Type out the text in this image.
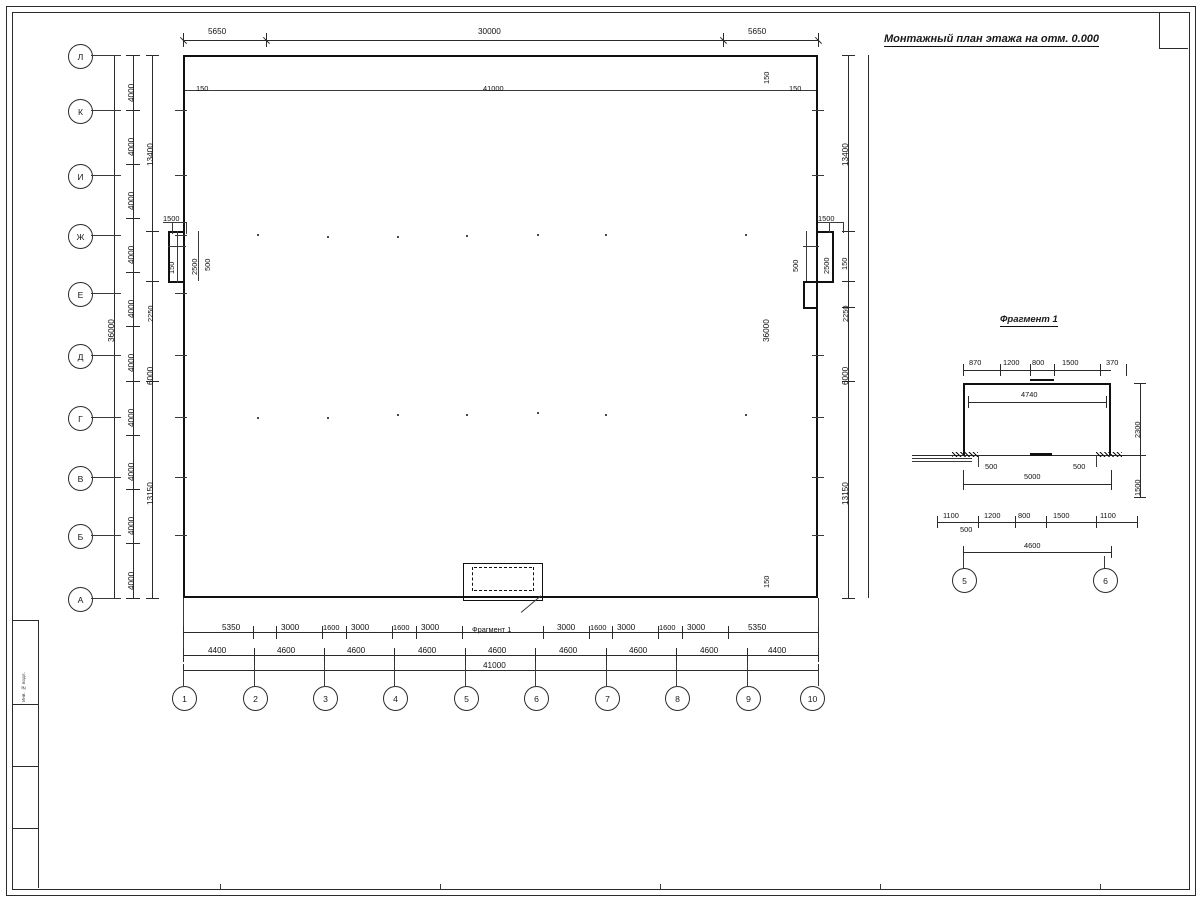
Монтажный план этажа на отм. 0.000
Инв. № подл.
Фрагмент 1
5650	30000	5650
150	41000	150
150
4000
4000
4000
4000
4000
4000
4000
4000
4000
4000
13400
2250
6000
13150
36000
1500
150 2500 500
13400
2250
6000
13150
36000
1500
150
2500
500
150
5350	3000	1600 3000	1600 3000	3000 1600 3000	1600 3000	5350
4400	4600	4600	4600	4600	4600	4600	4600	4400
41000
Л
К
И
Ж
Е
Д
Г
В
Б
А
1	2	3	4	5	6	7	8	9	10
Фрагмент 1
870	1200 800 1500	370
4740
500	500
5000
1100	1200 800	1500	1100
500
4600
2300
1500
5	6
